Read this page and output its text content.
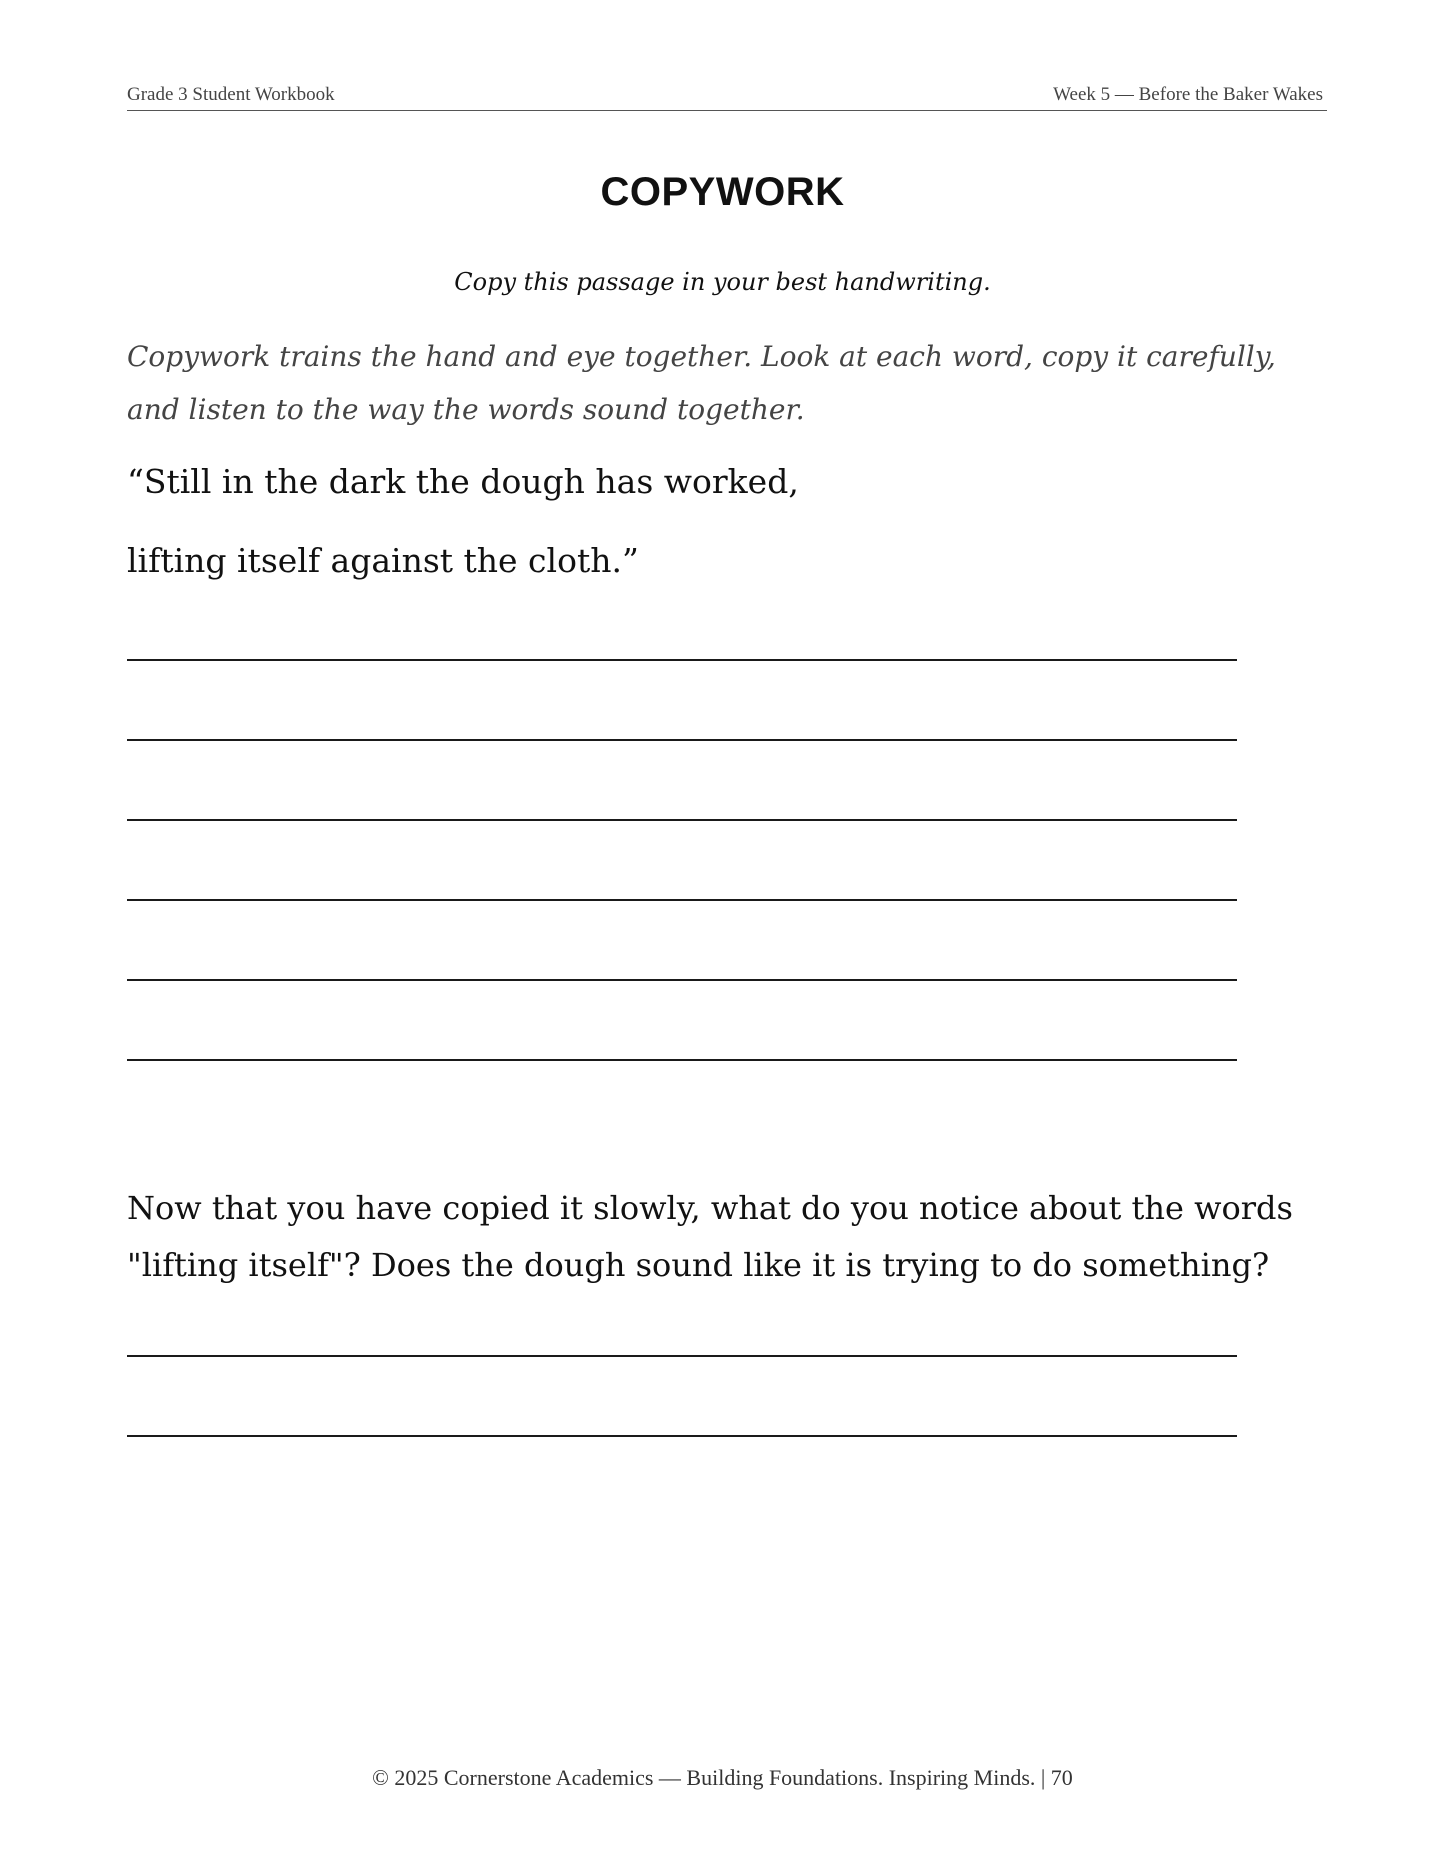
Grade 3 Student Workbook	Week 5 — Before the Baker Wakes
COPYWORK
Copy this passage in your best handwriting.
Copywork trains the hand and eye together. Look at each word, copy it carefully, and listen to the way the words sound together.
“Still in the dark the dough has worked,
lifting itself against the cloth.”
Now that you have copied it slowly, what do you notice about the words "lifting itself"? Does the dough sound like it is trying to do something?
© 2025 Cornerstone Academics — Building Foundations. Inspiring Minds. | 70
